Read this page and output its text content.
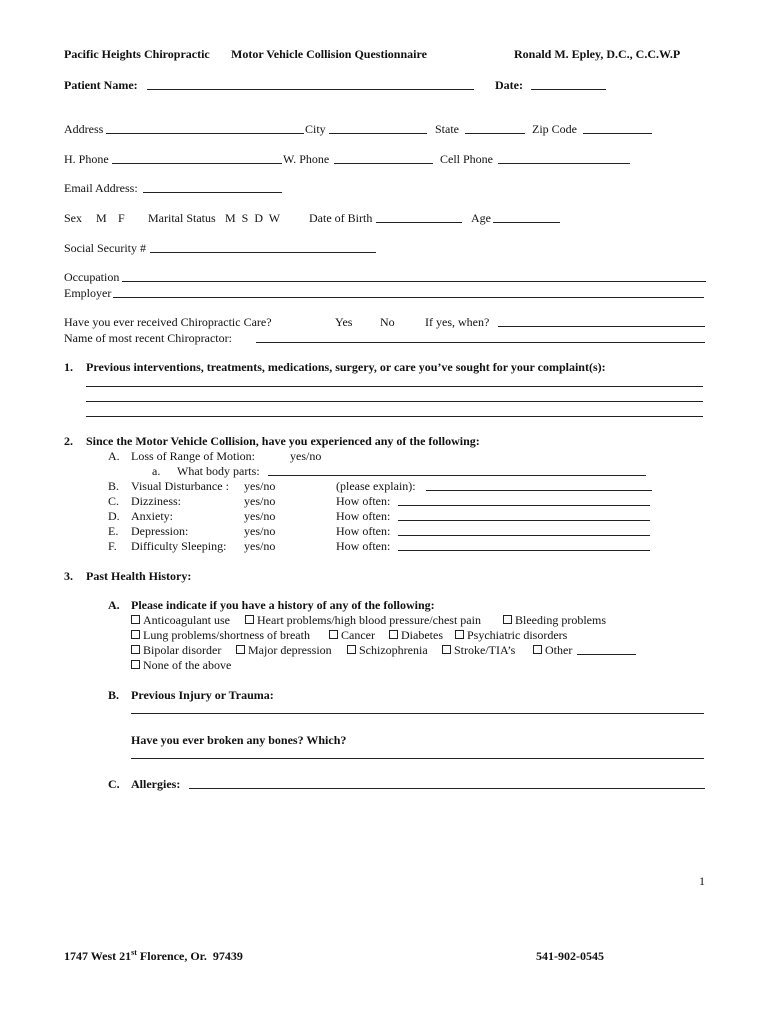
Pacific Heights Chiropractic Motor Vehicle Collision Questionnaire	Ronald M. Epley, D.C., C.C.W.P
Patient Name:	Date:
Address	City	State	Zip Code
H. Phone	W. Phone	Cell Phone
Email Address:
Sex M F Marital Status M  S  D  W Date of Birth	Age
Social Security #
Occupation
Employer
Have you ever received Chiropractic Care?	Yes No	If yes, when?
Name of most recent Chiropractor:
1. Previous interventions, treatments, medications, surgery, or care you’ve sought for your complaint(s):
2. Since the Motor Vehicle Collision, have you experienced any of the following:
A. Loss of Range of Motion:	yes/no
a. What body parts:
B. Visual Disturbance : yes/no	(please explain):
C. Dizziness:	yes/no	How often:
D. Anxiety:	yes/no	How often:
E. Depression:	yes/no	How often:
F. Difficulty Sleeping: yes/no	How often:
3. Past Health History:
A. Please indicate if you have a history of any of the following:
Anticoagulant use	Heart problems/high blood pressure/chest pain	Bleeding problems
Lung problems/shortness of breath	Cancer	Diabetes	Psychiatric disorders
Bipolar disorder	Major depression	Schizophrenia	Stroke/TIA’s	Other
None of the above
B. Previous Injury or Trauma:
Have you ever broken any bones? Which?
C. Allergies:
1
1747 West 21st Florence, Or.  97439	541-902-0545
